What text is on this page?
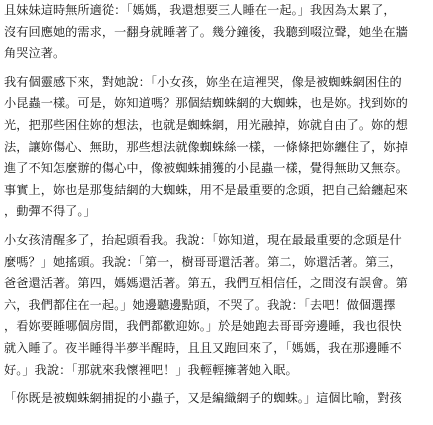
且妹妹這時無所適從：「媽媽，我還想要三人睡在一起。」我因為太累了，
沒有回應她的需求，一翻身就睡著了。幾分鐘後，我聽到啜泣聲，她坐在牆
角哭泣著。
我有個靈感下來，對她說：「小女孩，妳坐在這裡哭，像是被蜘蛛網困住的
小昆蟲一樣。可是，妳知道嗎？那個結蜘蛛網的大蜘蛛，也是妳。找到妳的
光，把那些困住妳的想法，也就是蜘蛛網，用光融掉，妳就自由了。妳的想
法，讓妳傷心、無助，那些想法就像蜘蛛絲一樣，一條條把妳纏住了，妳掉
進了不知怎麼辦的傷心中，像被蜘蛛捕獲的小昆蟲一樣，覺得無助又無奈。
事實上，妳也是那隻結網的大蜘蛛，用不是最重要的念頭，把自己給纏起來
，動彈不得了。」
小女孩清醒多了，抬起頭看我。我說：「妳知道，現在最最重要的念頭是什
麼嗎？」她搖頭。我說：「第一，樹哥哥還活著。第二，妳還活著。第三，
爸爸還活著。第四，媽媽還活著。第五，我們互相信任，之間沒有誤會。第
六，我們都住在一起。」她邊聽邊點頭，不哭了。我說：「去吧！做個選擇
，看妳要睡哪個房間，我們都歡迎妳。」於是她跑去哥哥旁邊睡，我也很快
就入睡了。夜半睡得半夢半醒時，且且又跑回來了，「媽媽，我在那邊睡不
好。」我說：「那就來我懷裡吧！」我輕輕擁著她入眠。
「你既是被蜘蛛網捕捉的小蟲子，又是編織網子的蜘蛛。」這個比喻，對孩
